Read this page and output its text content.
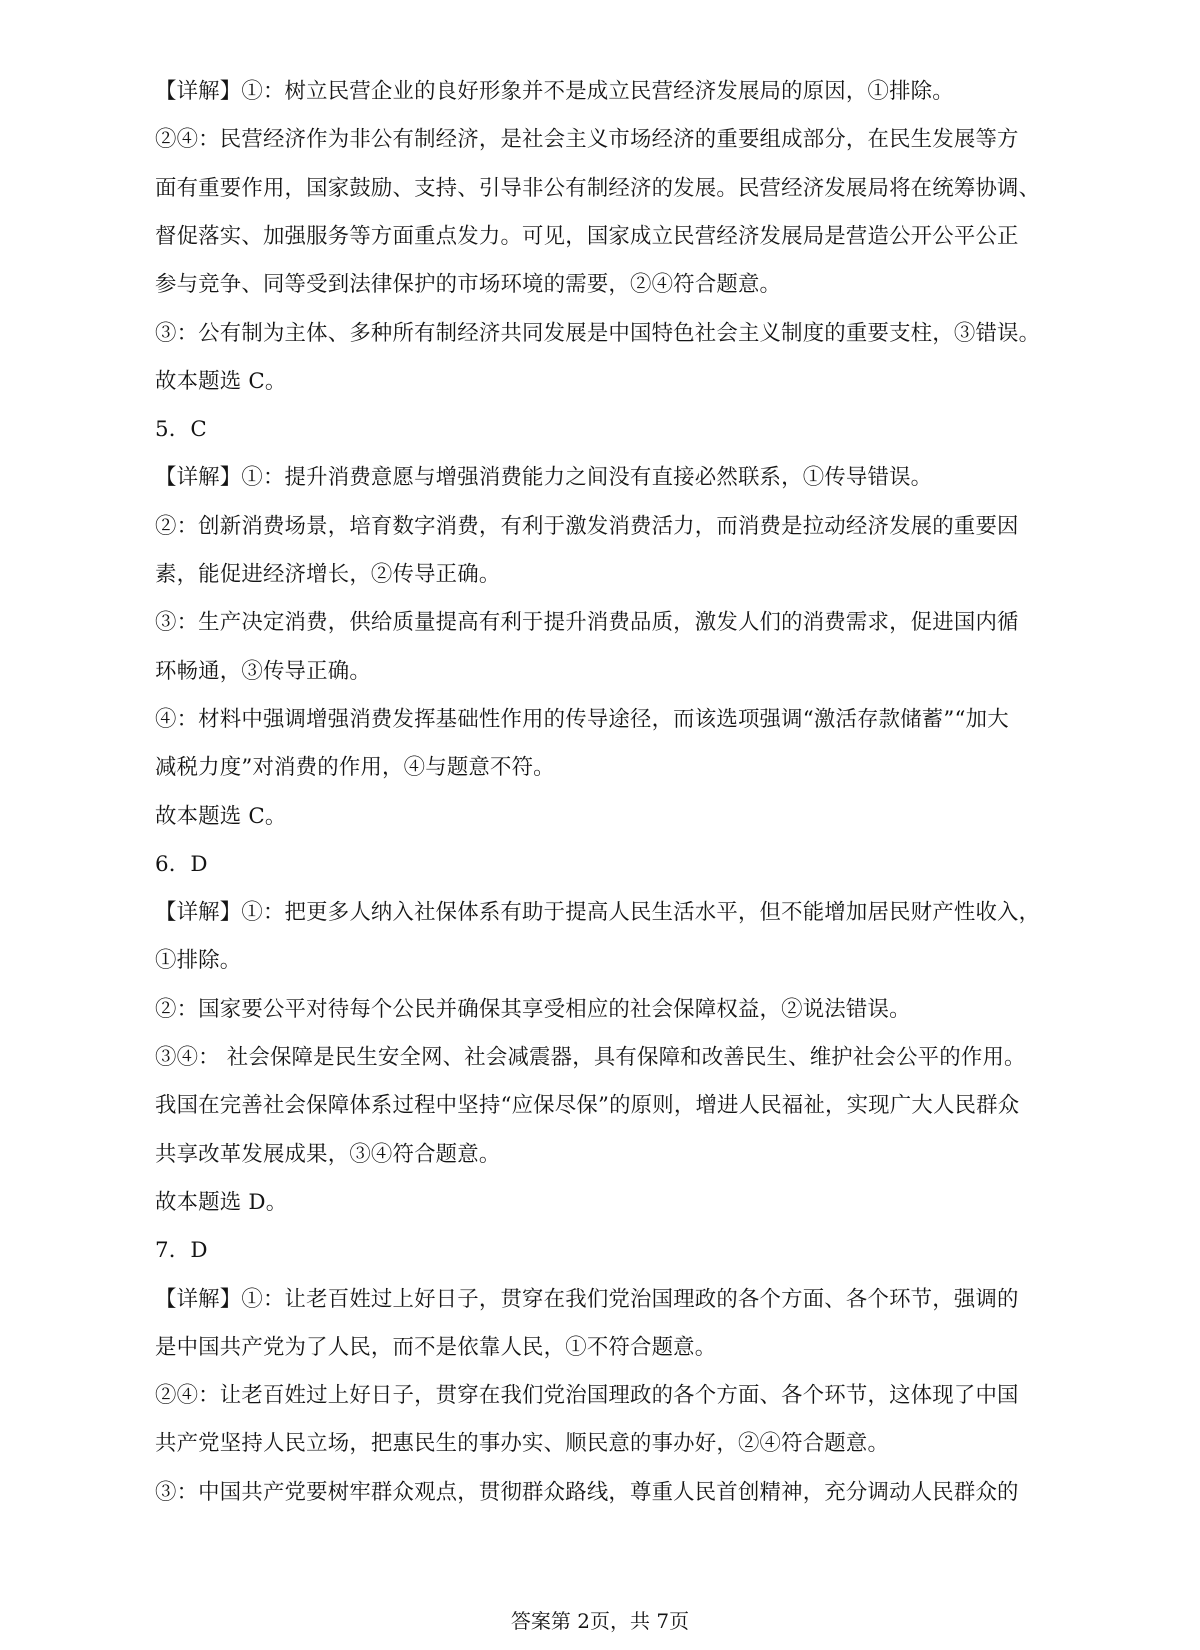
【详解】①：树立民营企业的良好形象并不是成立民营经济发展局的原因，①排除。
②④：民营经济作为非公有制经济，是社会主义市场经济的重要组成部分，在民生发展等方
面有重要作用，国家鼓励、支持、引导非公有制经济的发展。民营经济发展局将在统筹协调、
督促落实、加强服务等方面重点发力。可见，国家成立民营经济发展局是营造公开公平公正
参与竞争、同等受到法律保护的市场环境的需要，②④符合题意。
③：公有制为主体、多种所有制经济共同发展是中国特色社会主义制度的重要支柱，③错误。
故本题选 C。
5．C
【详解】①：提升消费意愿与增强消费能力之间没有直接必然联系，①传导错误。
②：创新消费场景，培育数字消费，有利于激发消费活力，而消费是拉动经济发展的重要因
素，能促进经济增长，②传导正确。
③：生产决定消费，供给质量提高有利于提升消费品质，激发人们的消费需求，促进国内循
环畅通，③传导正确。
④：材料中强调增强消费发挥基础性作用的传导途径，而该选项强调“激活存款储蓄”“加大
减税力度”对消费的作用，④与题意不符。
故本题选 C。
6．D
【详解】①：把更多人纳入社保体系有助于提高人民生活水平，但不能增加居民财产性收入，
①排除。
②：国家要公平对待每个公民并确保其享受相应的社会保障权益，②说法错误。
③④： 社会保障是民生安全网、社会减震器，具有保障和改善民生、维护社会公平的作用。
我国在完善社会保障体系过程中坚持“应保尽保”的原则，增进人民福祉，实现广大人民群众
共享改革发展成果，③④符合题意。
故本题选 D。
7．D
【详解】①：让老百姓过上好日子，贯穿在我们党治国理政的各个方面、各个环节，强调的
是中国共产党为了人民，而不是依靠人民，①不符合题意。
②④：让老百姓过上好日子，贯穿在我们党治国理政的各个方面、各个环节，这体现了中国
共产党坚持人民立场，把惠民生的事办实、顺民意的事办好，②④符合题意。
③：中国共产党要树牢群众观点，贯彻群众路线，尊重人民首创精神，充分调动人民群众的
答案第 2页，共 7页
